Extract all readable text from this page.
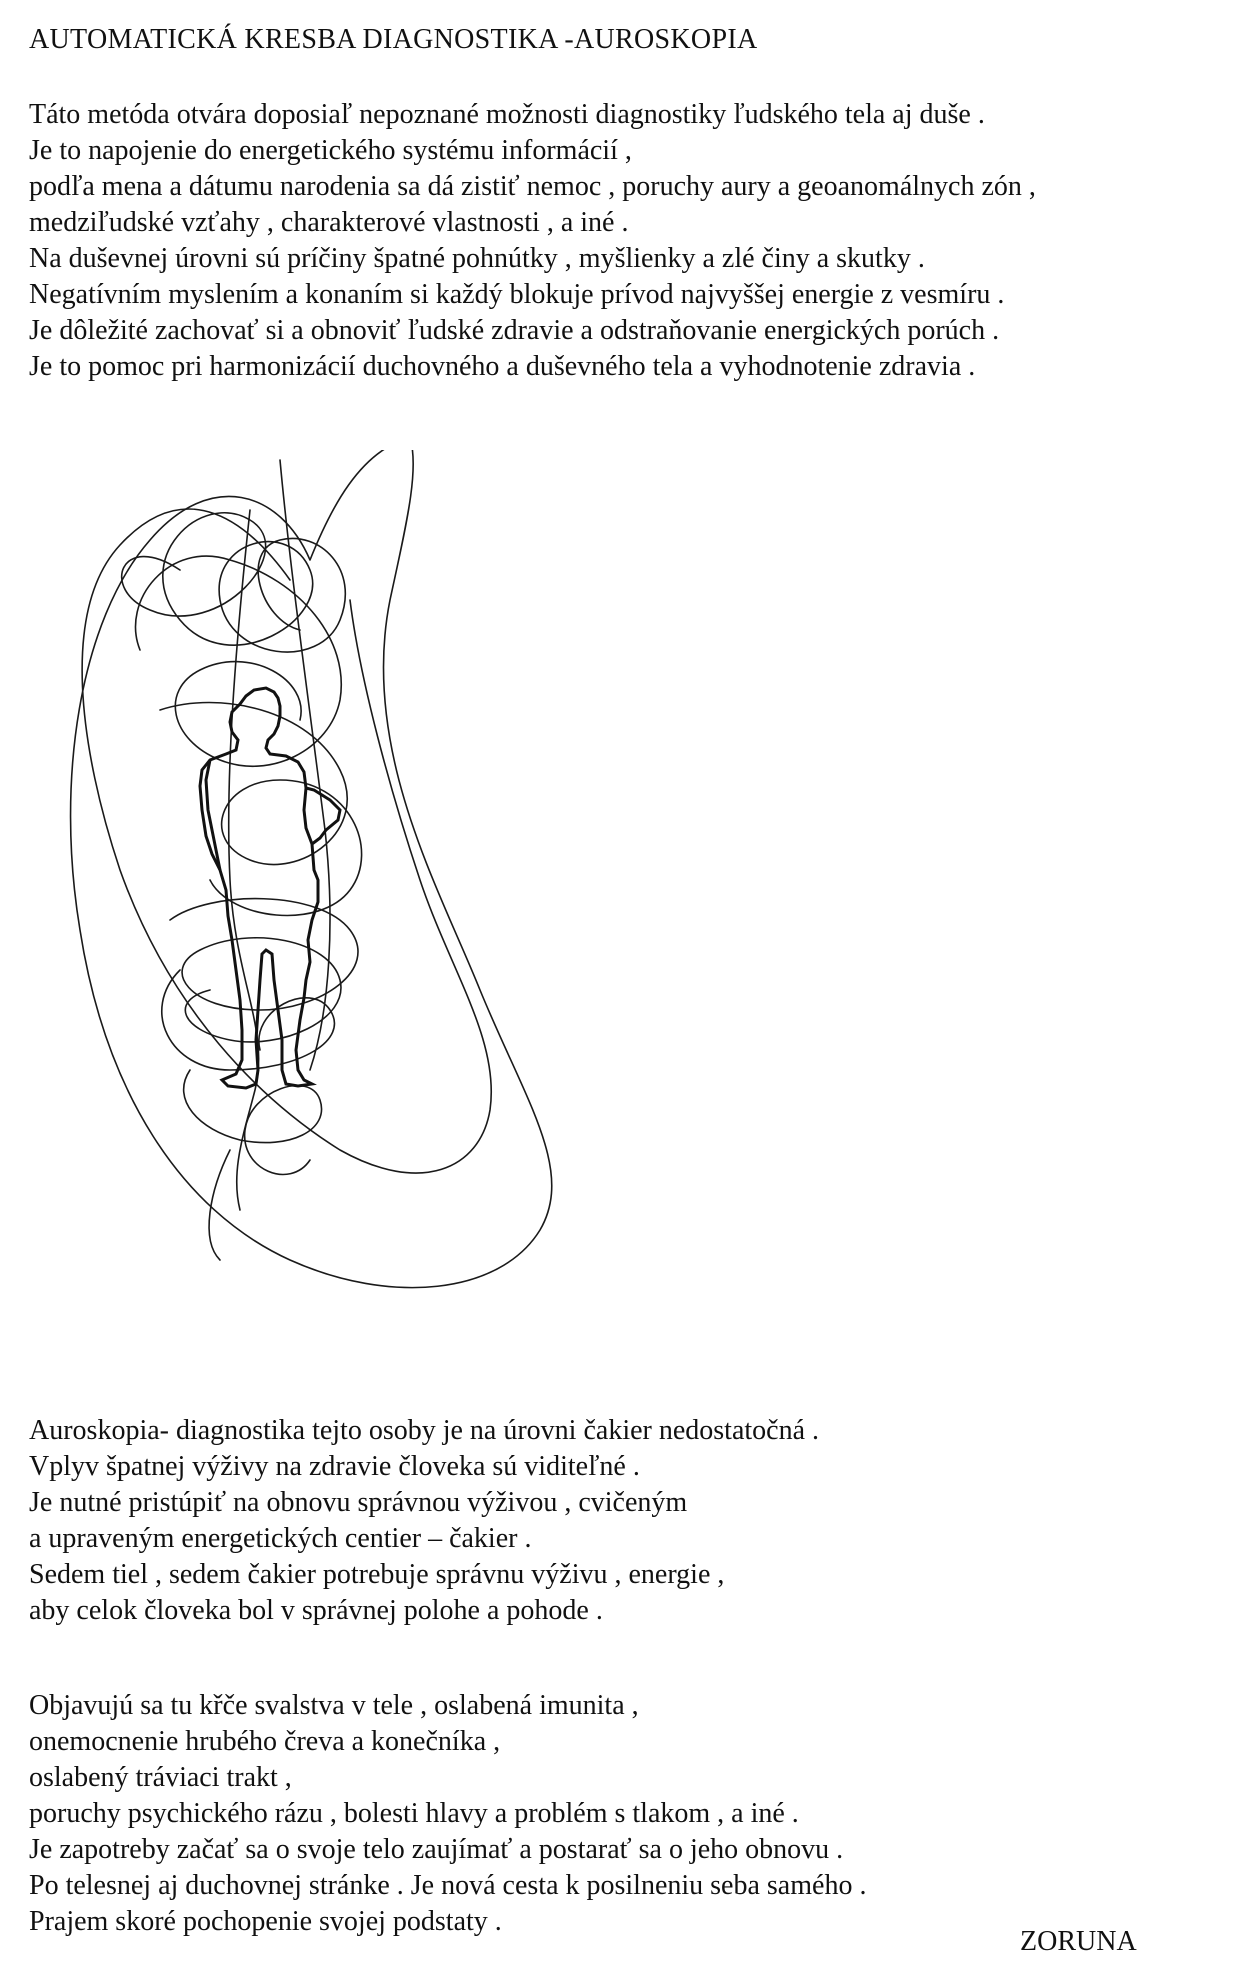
AUTOMATICKÁ KRESBA DIAGNOSTIKA -AUROSKOPIA
Táto metóda otvára doposiaľ nepoznané možnosti diagnostiky ľudského tela aj duše .
Je to napojenie do energetického systému informácií ,
podľa mena a dátumu narodenia sa dá zistiť nemoc , poruchy aury a geoanomálnych zón ,
medziľudské vzťahy , charakterové vlastnosti , a iné .
Na duševnej úrovni sú príčiny špatné pohnútky , myšlienky a zlé činy a skutky .
Negatívním myslením a konaním si každý blokuje prívod najvyššej energie z vesmíru .
Je dôležité zachovať si a obnoviť ľudské zdravie a odstraňovanie energických porúch .
Je to pomoc pri harmonizácií duchovného a duševného tela a vyhodnotenie zdravia .
Auroskopia- diagnostika tejto osoby je na úrovni čakier nedostatočná .
Vplyv špatnej výživy na zdravie človeka sú viditeľné .
Je nutné pristúpiť na obnovu správnou výživou , cvičeným
a upraveným energetických centier – čakier .
Sedem tiel , sedem čakier potrebuje správnu výživu , energie ,
aby celok človeka bol v správnej polohe a pohode .
Objavujú sa tu křče svalstva v tele , oslabená imunita ,
onemocnenie hrubého čreva a konečníka ,
oslabený tráviaci trakt ,
poruchy psychického rázu , bolesti hlavy a problém s tlakom , a iné .
Je zapotreby začať sa o svoje telo zaujímať a postarať sa o jeho obnovu .
Po telesnej aj duchovnej stránke . Je nová cesta k posilneniu seba samého .
Prajem skoré pochopenie svojej podstaty .
ZORUNA
